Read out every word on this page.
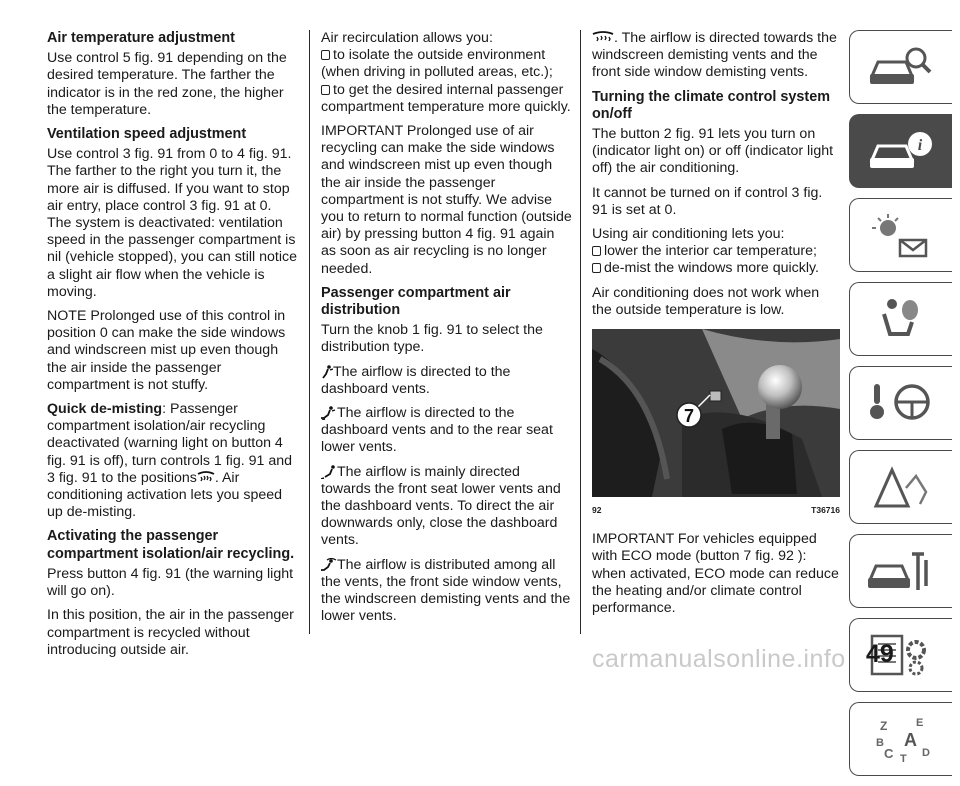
Air temperature adjustment

Use control 5 fig. 91 depending on the desired temperature. The farther the indicator is in the red zone, the higher the temperature.

Ventilation speed adjustment

Use control 3 fig. 91 from 0 to 4 fig. 91. The farther to the right you turn it, the more air is diffused. If you want to stop air entry, place control 3 fig. 91 at 0. The system is deactivated: ventilation speed in the passenger compartment is nil (vehicle stopped), you can still notice a slight air flow when the vehicle is moving.

NOTE Prolonged use of this control in position 0 can make the side windows and windscreen mist up even though the air inside the passenger compartment is not stuffy.

Quick de-misting: Passenger compartment isolation/air recycling deactivated (warning light on button 4 fig. 91 is off), turn controls 1 fig. 91 and 3 fig. 91 to the positions . Air conditioning activation lets you speed up de-misting.

Activating the passenger compartment isolation/air recycling.

Press button 4 fig. 91 (the warning light will go on).

In this position, the air in the passenger compartment is recycled without introducing outside air.

Air recirculation allows you:

to isolate the outside environment (when driving in polluted areas, etc.);

to get the desired internal passenger compartment temperature more quickly.

IMPORTANT Prolonged use of air recycling can make the side windows and windscreen mist up even though the air inside the passenger compartment is not stuffy. We advise you to return to normal function (outside air) by pressing button 4 fig. 91 again as soon as air recycling is no longer needed.

Passenger compartment air distribution

Turn the knob 1 fig. 91 to select the distribution type.

The airflow is directed to the dashboard vents.

The airflow is directed to the dashboard vents and to the rear seat lower vents.

The airflow is mainly directed towards the front seat lower vents and the dashboard vents. To direct the air downwards only, close the dashboard vents.

The airflow is distributed among all the vents, the front side window vents, the windscreen demisting vents and the lower vents.

. The airflow is directed towards the windscreen demisting vents and the front side window demisting vents.

Turning the climate control system on/off

The button 2 fig. 91 lets you turn on (indicator light on) or off (indicator light off) the air conditioning.

It cannot be turned on if control 3 fig. 91 is set at 0.

Using air conditioning lets you:

lower the interior car temperature;

de-mist the windows more quickly.

Air conditioning does not work when the outside temperature is low.

7
92	T36716

IMPORTANT For vehicles equipped with ECO mode (button 7 fig. 92 ): when activated, ECO mode can reduce the heating and/or climate control performance.

i
Z	E
A
B
C	D
T
carmanualsonline.info 49
